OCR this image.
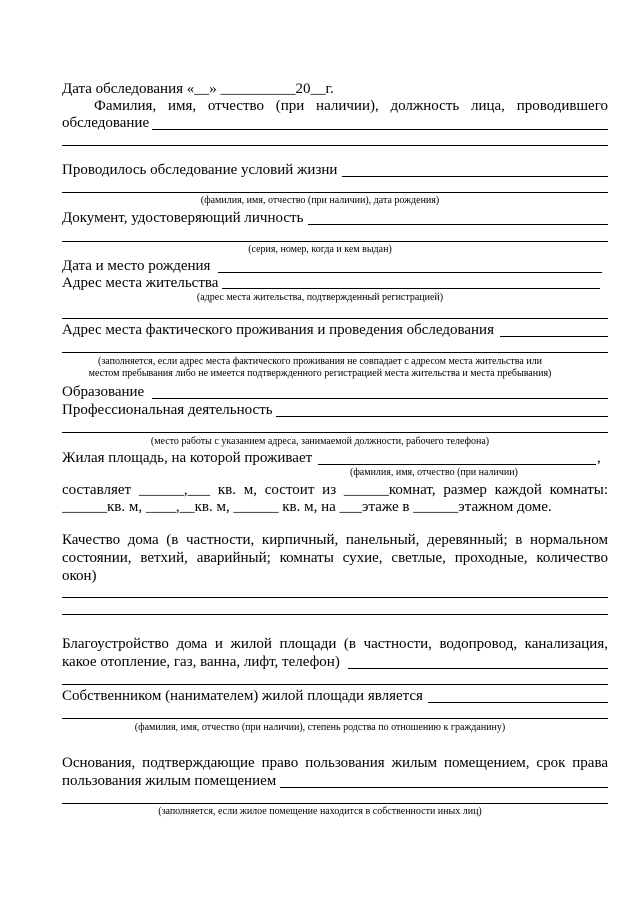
Дата обследования «__» __________20__г.
Фамилия, имя, отчество (при наличии), должность лица, проводившего
обследование
Проводилось обследование условий жизни
(фамилия, имя, отчество (при наличии), дата рождения)
Документ, удостоверяющий личность
(серия, номер, когда и кем выдан)
Дата и место рождения
Адрес места жительства
(адрес места жительства, подтвержденный регистрацией)
Адрес места фактического проживания и проведения обследования
(заполняется, если адрес места фактического проживания не совпадает с адресом места жительства или
местом пребывания либо не имеется подтвержденного регистрацией места жительства и места пребывания)
Образование
Профессиональная деятельность
(место работы с указанием адреса, занимаемой должности, рабочего телефона)
Жилая площадь, на которой проживает	,
(фамилия, имя, отчество (при наличии)
составляет ______,___ кв. м, состоит из ______комнат, размер каждой комнаты:
______кв. м, ____,__кв. м, ______ кв. м, на ___этаже в ______этажном доме.
Качество дома (в частности, кирпичный, панельный, деревянный; в нормальном
состоянии, ветхий, аварийный; комнаты сухие, светлые, проходные, количество
окон)
Благоустройство дома и жилой площади (в частности, водопровод, канализация,
какое отопление, газ, ванна, лифт, телефон)
Собственником (нанимателем) жилой площади является
(фамилия, имя, отчество (при наличии), степень родства по отношению к гражданину)
Основания, подтверждающие право пользования жилым помещением, срок права
пользования жилым помещением
(заполняется, если жилое помещение находится в собственности иных лиц)
